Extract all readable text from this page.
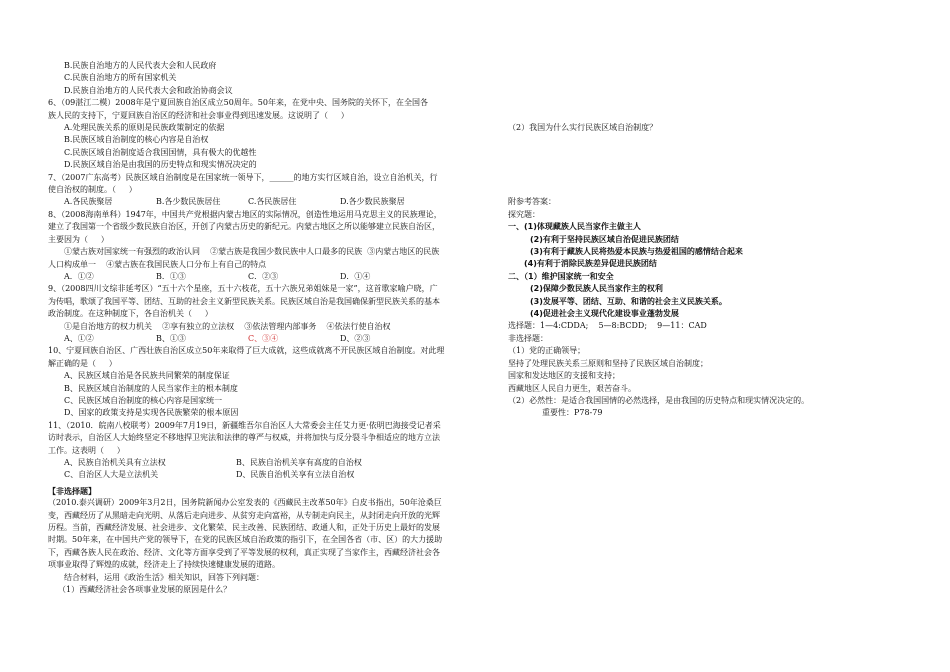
B.民族自治地方的人民代表大会和人民政府
C.民族自治地方的所有国家机关
D.民族自治地方的人民代表大会和政治协商会议
6、（09湛江二模）2008年是宁夏回族自治区成立50周年。50年来，在党中央、国务院的关怀下，在全国各
族人民的支持下，宁夏回族自治区的经济和社会事业得到迅速发展。这说明了（     ）
A.处理民族关系的原则是民族政策制定的依据
B.民族区域自治制度的核心内容是自治权
C.民族区域自治制度适合我国国情，具有极大的优越性
D.民族区域自治是由我国的历史特点和现实情况决定的
7、（2007广东高考）民族区域自治制度是在国家统一领导下，______的地方实行区域自治，设立自治机关，行
使自治权的制度。（     ）
A.各民族聚居	B.各少数民族居住	C.各民族居住	D.各少数民族聚居
8、（2008海南单科）1947年，中国共产党根据内蒙古地区的实际情况，创造性地运用马克思主义的民族理论，
建立了我国第一个省级少数民族自治区，开创了内蒙古历史的新纪元。内蒙古地区之所以能够建立民族自治区，
主要因为（     ）
①蒙古族对国家统一有强烈的政治认同    ②蒙古族是我国少数民族中人口最多的民族  ③内蒙古地区的民族
人口构成单一    ④蒙古族在我国民族人口分布上有自己的特点
A．①②	B．①③	C．②③	D．①④
9、（2008四川文综非延考区）“五十六个星座，五十六枝花，五十六族兄弟姐妹是一家”，这首歌家喻户晓，广
为传唱，歌颂了我国平等、团结、互助的社会主义新型民族关系。民族区域自治是我国确保新型民族关系的基本
政治制度。在这种制度下，各自治机关（     ）
①是自治地方的权力机关    ②享有独立的立法权    ③依法管理内部事务    ④依法行使自治权
A、①②	B、①③	C、③④	D、②③
10、宁夏回族自治区、广西壮族自治区成立50年来取得了巨大成就，这些成就离不开民族区域自治制度。对此理
解正确的是（     ）
A、民族区域自治是各民族共同繁荣的制度保证
B、民族区域自治制度的人民当家作主的根本制度
C、民族区域自治制度的核心内容是国家统一
D、国家的政策支持是实现各民族繁荣的根本原因
11、（2010．皖南八校联考）2009年7月19日，新疆维吾尔自治区人大常委会主任艾力更·依明巴海接受记者采
访时表示，自治区人大始终坚定不移地捍卫宪法和法律的尊严与权威，并将加快与反分裂斗争相适应的地方立法
工作。这表明（     ）
A、民族自治机关具有立法权	B、民族自治机关享有高度的自治权
C、自治区人大是立法机关	D、民族自治机关享有立法自治权
【非选择题】
（2010.泰兴调研）2009年3月2日，国务院新闻办公室发表的《西藏民主改革50年》白皮书指出，50年沧桑巨
变，西藏经历了从黑暗走向光明、从落后走向进步、从贫穷走向富裕，从专制走向民主，从封闭走向开放的光辉
历程。当前，西藏经济发展、社会进步、文化繁荣、民主改善、民族团结、政通人和，正处于历史上最好的发展
时期。50年来，在中国共产党的领导下，在党的民族区域自治政策的指引下，在全国各省（市、区）的大力援助
下，西藏各族人民在政治、经济、文化等方面享受到了平等发展的权利，真正实现了当家作主，西藏经济社会各
项事业取得了辉煌的成就，经济走上了持续快速健康发展的道路。
结合材料，运用《政治生活》相关知识，回答下列问题：
（1）西藏经济社会各项事业发展的原因是什么？
（2）我国为什么实行民族区域自治制度？
附参考答案：
探究题：
一、(1)体现藏族人民当家作主做主人
(2)有利于坚持民族区域自治促进民族团结
(3)有利于藏族人民将热爱本民族与热爱祖国的感情结合起来
(4)有利于消除民族差异促进民族团结
二、（1）维护国家统一和安全
(2)保障少数民族人民当家作主的权利
(3)发展平等、团结、互助、和谐的社会主义民族关系。
(4)促进社会主义现代化建设事业蓬勃发展
选择题：1—4:CDDA;    5—8:BCDD;    9—11：CAD
非选择题：
（1）党的正确领导；
坚持了处理民族关系三原则和坚持了民族区域自治制度；
国家和发达地区的支援和支持；
西藏地区人民自力更生，艰苦奋斗。
（2）必然性：是适合我国国情的必然选择，是由我国的历史特点和现实情况决定的。
重要性：P78-79
